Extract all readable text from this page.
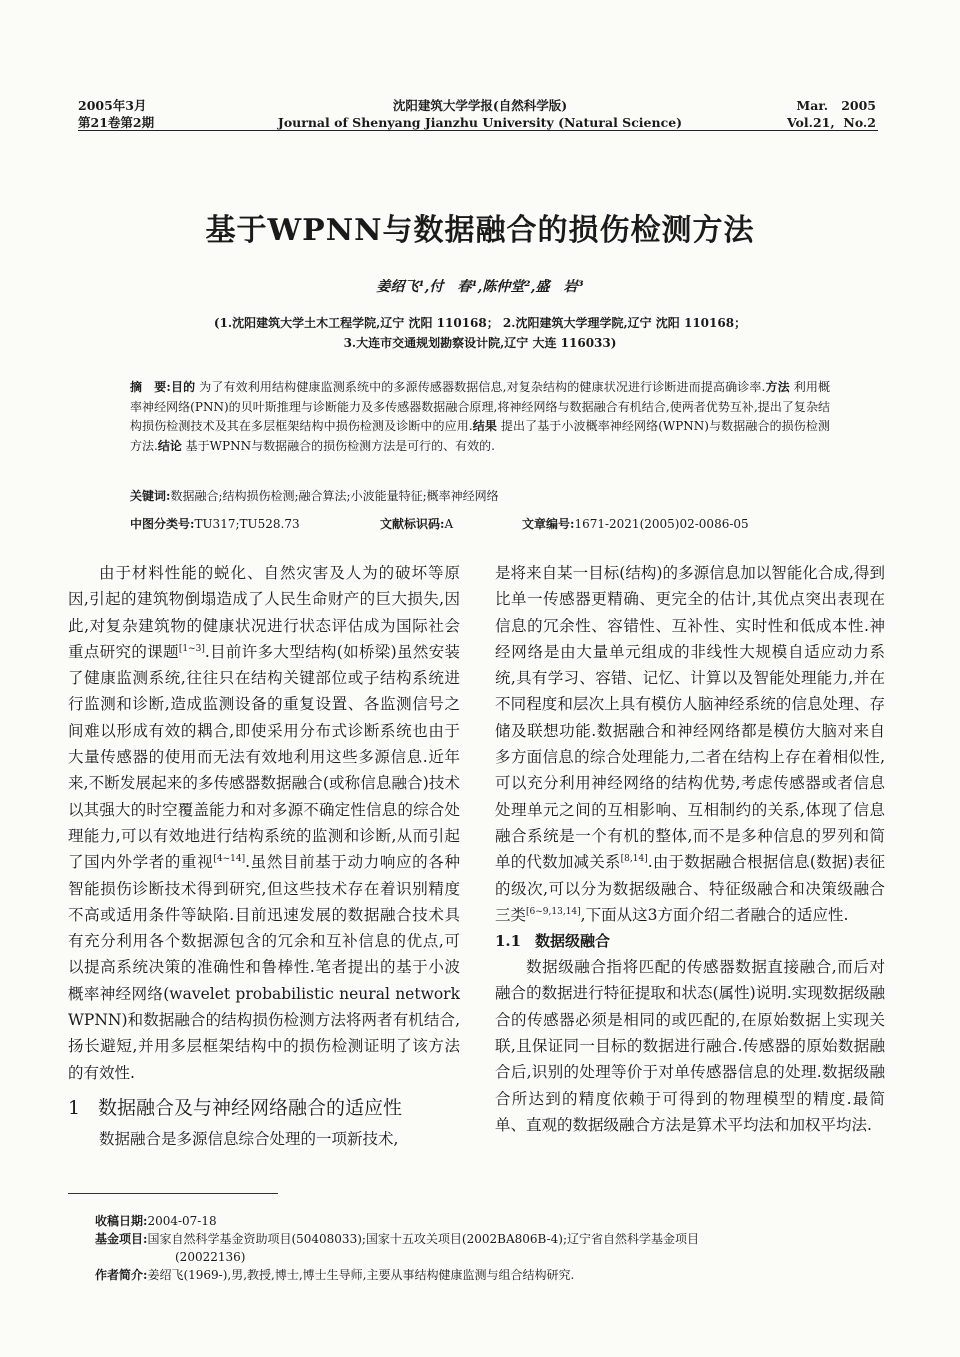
2005年3月
第21卷第2期
沈阳建筑大学学报(自然科学版)
Journal of Shenyang Jianzhu University (Natural Science)
Mar.   2005
Vol.21,  No.2
基于WPNN与数据融合的损伤检测方法
姜绍飞¹,付　春¹,陈仲堂²,盛　岩³
(1.沈阳建筑大学土木工程学院,辽宁 沈阳 110168； 2.沈阳建筑大学理学院,辽宁 沈阳 110168；
3.大连市交通规划勘察设计院,辽宁 大连 116033)
摘　要:目的 为了有效利用结构健康监测系统中的多源传感器数据信息,对复杂结构的健康状况进行诊断进而提高确诊率.方法 利用概率神经网络(PNN)的贝叶斯推理与诊断能力及多传感器数据融合原理,将神经网络与数据融合有机结合,使两者优势互补,提出了复杂结构损伤检测技术及其在多层框架结构中损伤检测及诊断中的应用.结果 提出了基于小波概率神经网络(WPNN)与数据融合的损伤检测方法.结论 基于WPNN与数据融合的损伤检测方法是可行的、有效的.
关键词:数据融合;结构损伤检测;融合算法;小波能量特征;概率神经网络
中图分类号:TU317;TU528.73	文献标识码:A	文章编号:1671-2021(2005)02-0086-05

由于材料性能的蜕化、自然灾害及人为的破坏等原因,引起的建筑物倒塌造成了人民生命财产的巨大损失,因此,对复杂建筑物的健康状况进行状态评估成为国际社会重点研究的课题[1~3].目前许多大型结构(如桥梁)虽然安装了健康监测系统,往往只在结构关键部位或子结构系统进行监测和诊断,造成监测设备的重复设置、各监测信号之间难以形成有效的耦合,即使采用分布式诊断系统也由于大量传感器的使用而无法有效地利用这些多源信息.近年来,不断发展起来的多传感器数据融合(或称信息融合)技术以其强大的时空覆盖能力和对多源不确定性信息的综合处理能力,可以有效地进行结构系统的监测和诊断,从而引起了国内外学者的重视[4~14].虽然目前基于动力响应的各种智能损伤诊断技术得到研究,但这些技术存在着识别精度不高或适用条件等缺陷.目前迅速发展的数据融合技术具有充分利用各个数据源包含的冗余和互补信息的优点,可以提高系统决策的准确性和鲁棒性.笔者提出的基于小波概率神经网络(wavelet probabilistic neural network WPNN)和数据融合的结构损伤检测方法将两者有机结合,扬长避短,并用多层框架结构中的损伤检测证明了该方法的有效性.

1 数据融合及与神经网络融合的适应性

数据融合是多源信息综合处理的一项新技术,

是将来自某一目标(结构)的多源信息加以智能化合成,得到比单一传感器更精确、更完全的估计,其优点突出表现在信息的冗余性、容错性、互补性、实时性和低成本性.神经网络是由大量单元组成的非线性大规模自适应动力系统,具有学习、容错、记忆、计算以及智能处理能力,并在不同程度和层次上具有模仿人脑神经系统的信息处理、存储及联想功能.数据融合和神经网络都是模仿大脑对来自多方面信息的综合处理能力,二者在结构上存在着相似性,可以充分利用神经网络的结构优势,考虑传感器或者信息处理单元之间的互相影响、互相制约的关系,体现了信息融合系统是一个有机的整体,而不是多种信息的罗列和简单的代数加减关系[8,14].由于数据融合根据信息(数据)表征的级次,可以分为数据级融合、特征级融合和决策级融合三类[6~9,13,14],下面从这3方面介绍二者融合的适应性.

1.1 数据级融合

数据级融合指将匹配的传感器数据直接融合,而后对融合的数据进行特征提取和状态(属性)说明.实现数据级融合的传感器必须是相同的或匹配的,在原始数据上实现关联,且保证同一目标的数据进行融合.传感器的原始数据融合后,识别的处理等价于对单传感器信息的处理.数据级融合所达到的精度依赖于可得到的物理模型的精度.最简单、直观的数据级融合方法是算术平均法和加权平均法.

收稿日期:2004-07-18
基金项目:国家自然科学基金资助项目(50408033);国家十五攻关项目(2002BA806B-4);辽宁省自然科学基金项目
(20022136)
作者简介:姜绍飞(1969-),男,教授,博士,博士生导师,主要从事结构健康监测与组合结构研究.
